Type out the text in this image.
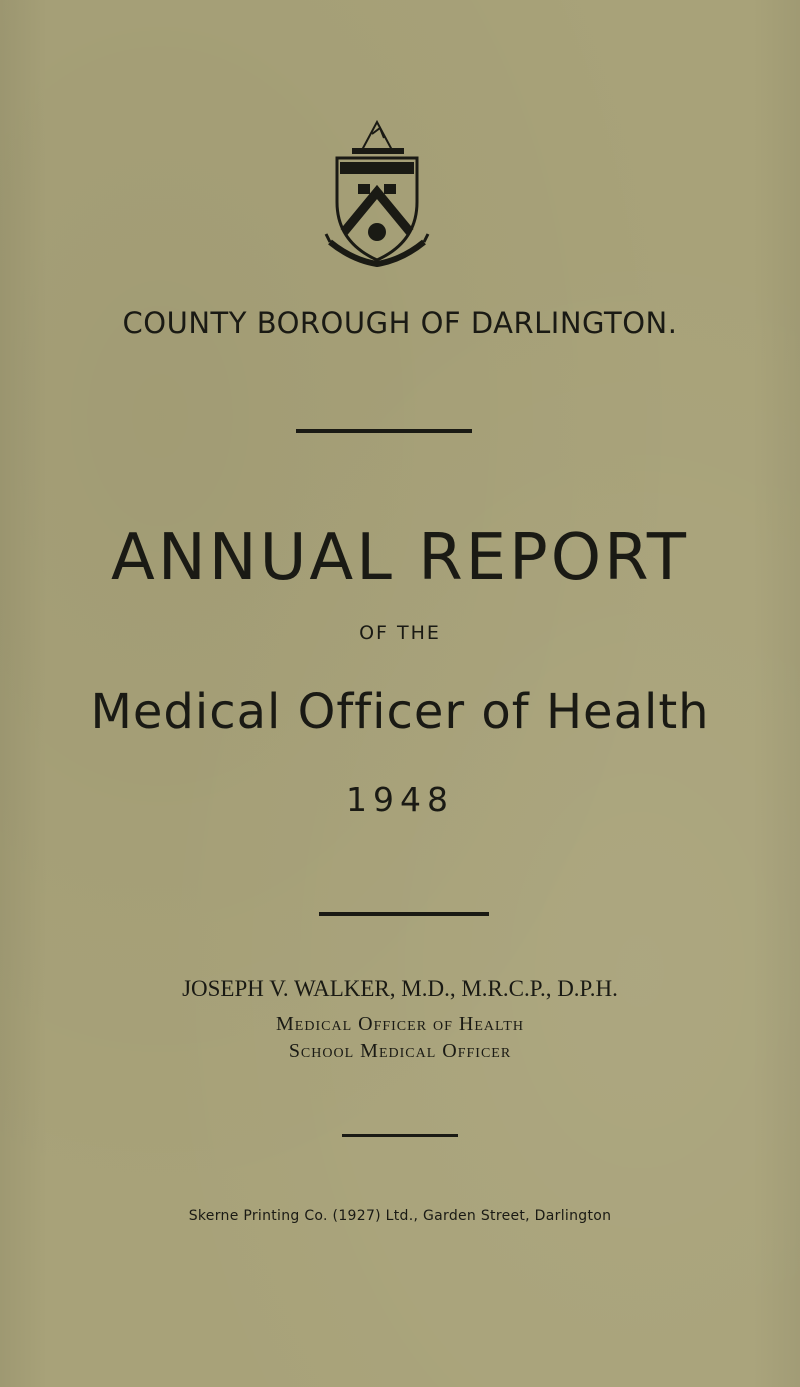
COUNTY BOROUGH OF DARLINGTON.
ANNUAL REPORT
OF THE
Medical Officer of Health
1948
JOSEPH V. WALKER, M.D., M.R.C.P., D.P.H.
Medical Officer of Health
School Medical Officer
Skerne Printing Co. (1927) Ltd., Garden Street, Darlington
